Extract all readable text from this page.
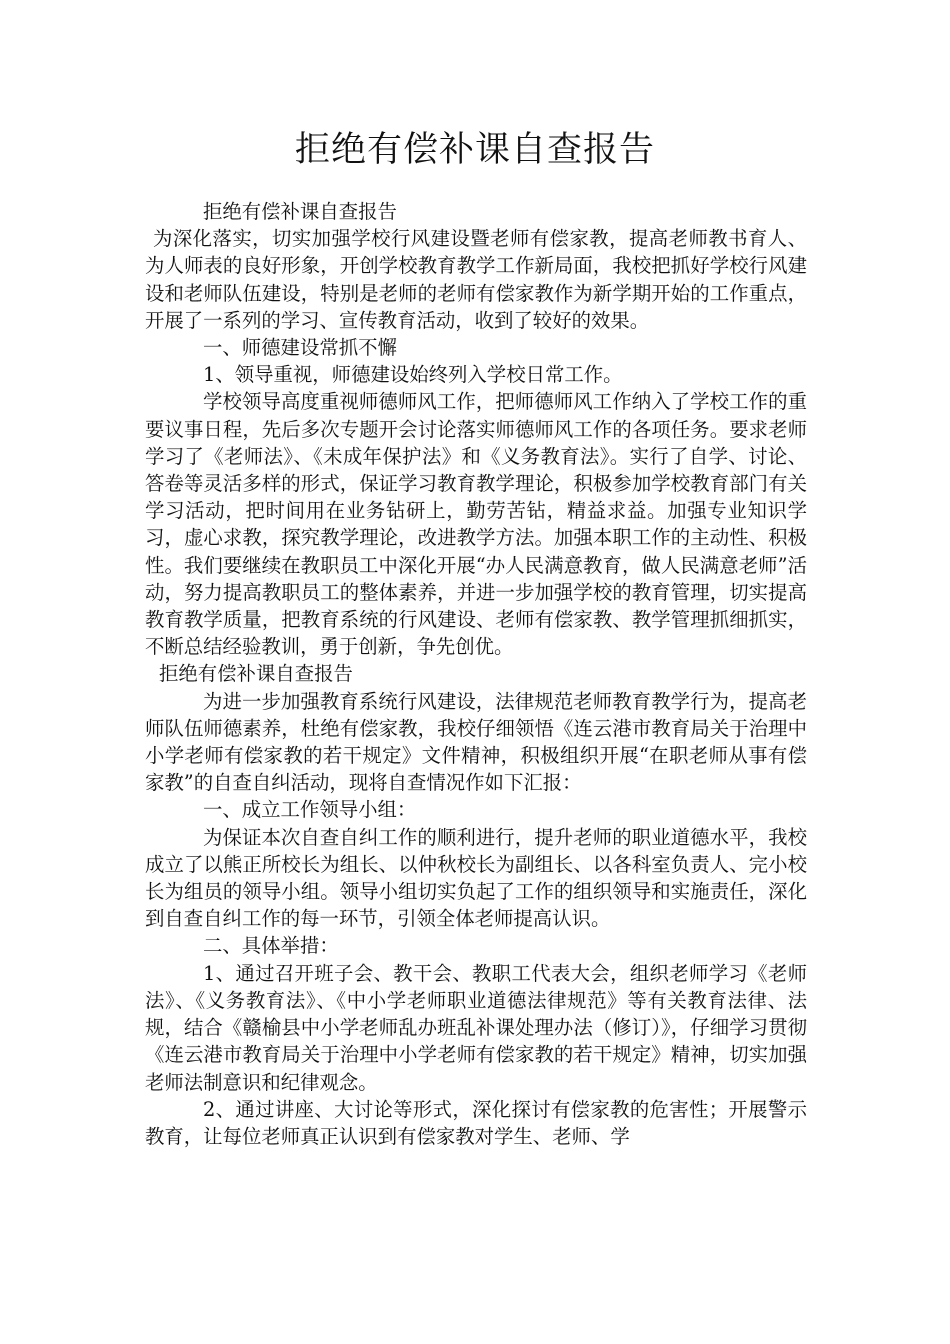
拒绝有偿补课自查报告

拒绝有偿补课自查报告

为深化落实，切实加强学校行风建设暨老师有偿家教，提高老师教书育人、为人师表的良好形象，开创学校教育教学工作新局面，我校把抓好学校行风建设和老师队伍建设，特别是老师的老师有偿家教作为新学期开始的工作重点，开展了一系列的学习、宣传教育活动，收到了较好的效果。

一、师德建设常抓不懈

1、领导重视，师德建设始终列入学校日常工作。

学校领导高度重视师德师风工作，把师德师风工作纳入了学校工作的重要议事日程，先后多次专题开会讨论落实师德师风工作的各项任务。要求老师学习了《老师法》、《未成年保护法》和《义务教育法》。实行了自学、讨论、答卷等灵活多样的形式，保证学习教育教学理论，积极参加学校教育部门有关学习活动，把时间用在业务钻研上，勤劳苦钻，精益求益。加强专业知识学习，虚心求教，探究教学理论，改进教学方法。加强本职工作的主动性、积极性。我们要继续在教职员工中深化开展“办人民满意教育，做人民满意老师”活动，努力提高教职员工的整体素养，并进一步加强学校的教育管理，切实提高教育教学质量，把教育系统的行风建设、老师有偿家教、教学管理抓细抓实，不断总结经验教训，勇于创新，争先创优。

拒绝有偿补课自查报告

为进一步加强教育系统行风建设，法律规范老师教育教学行为，提高老师队伍师德素养，杜绝有偿家教，我校仔细领悟《连云港市教育局关于治理中小学老师有偿家教的若干规定》文件精神，积极组织开展“在职老师从事有偿家教”的自查自纠活动，现将自查情况作如下汇报：

一、成立工作领导小组：

为保证本次自查自纠工作的顺利进行，提升老师的职业道德水平，我校成立了以熊正所校长为组长、以仲秋校长为副组长、以各科室负责人、完小校长为组员的领导小组。领导小组切实负起了工作的组织领导和实施责任，深化到自查自纠工作的每一环节，引领全体老师提高认识。

二、具体举措：

1、通过召开班子会、教干会、教职工代表大会，组织老师学习《老师法》、《义务教育法》、《中小学老师职业道德法律规范》等有关教育法律、法规，结合《赣榆县中小学老师乱办班乱补课处理办法（修订）》，仔细学习贯彻《连云港市教育局关于治理中小学老师有偿家教的若干规定》精神，切实加强老师法制意识和纪律观念。

2、通过讲座、大讨论等形式，深化探讨有偿家教的危害性；开展警示教育，让每位老师真正认识到有偿家教对学生、老师、学
